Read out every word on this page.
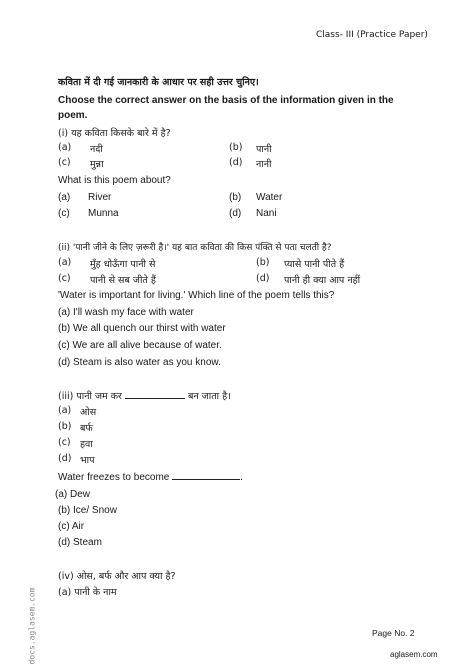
Class- III (Practice Paper)
कविता में दी गई जानकारी के आधार पर सही उत्तर चुनिए।
Choose the correct answer on the basis of the information given in the
poem.
(i) यह कविता किसके बारे में है?
(a) नदी	(b) पानी
(c) मुन्ना	(d) नानी
What is this poem about?
(a) River	(b) Water
(c) Munna	(d) Nani
(ii) 'पानी जीने के लिए ज़रूरी है।' यह बात कविता की किस पंक्ति से पता चलती है?
(a) मुँह धोऊँगा पानी से	(b) प्यासे पानी पीते हैं
(c) पानी से सब जीते हैं	(d) पानी ही क्या आप नहीं
'Water is important for living.' Which line of the poem tells this?
(a) I'll wash my face with water
(b) We all quench our thirst with water
(c) We are all alive because of water.
(d) Steam is also water as you know.
(iii) पानी जम कर	बन जाता है।
(a) ओस
(b) बर्फ
(c) हवा
(d) भाप
Water freezes to become	.
(a) Dew
(b) Ice/ Snow
(c) Air
(d) Steam
(iv) ओस, बर्फ और आप क्या है?
(a) पानी के नाम
Page No. 2
aglasem.com
docs.aglasem.com
